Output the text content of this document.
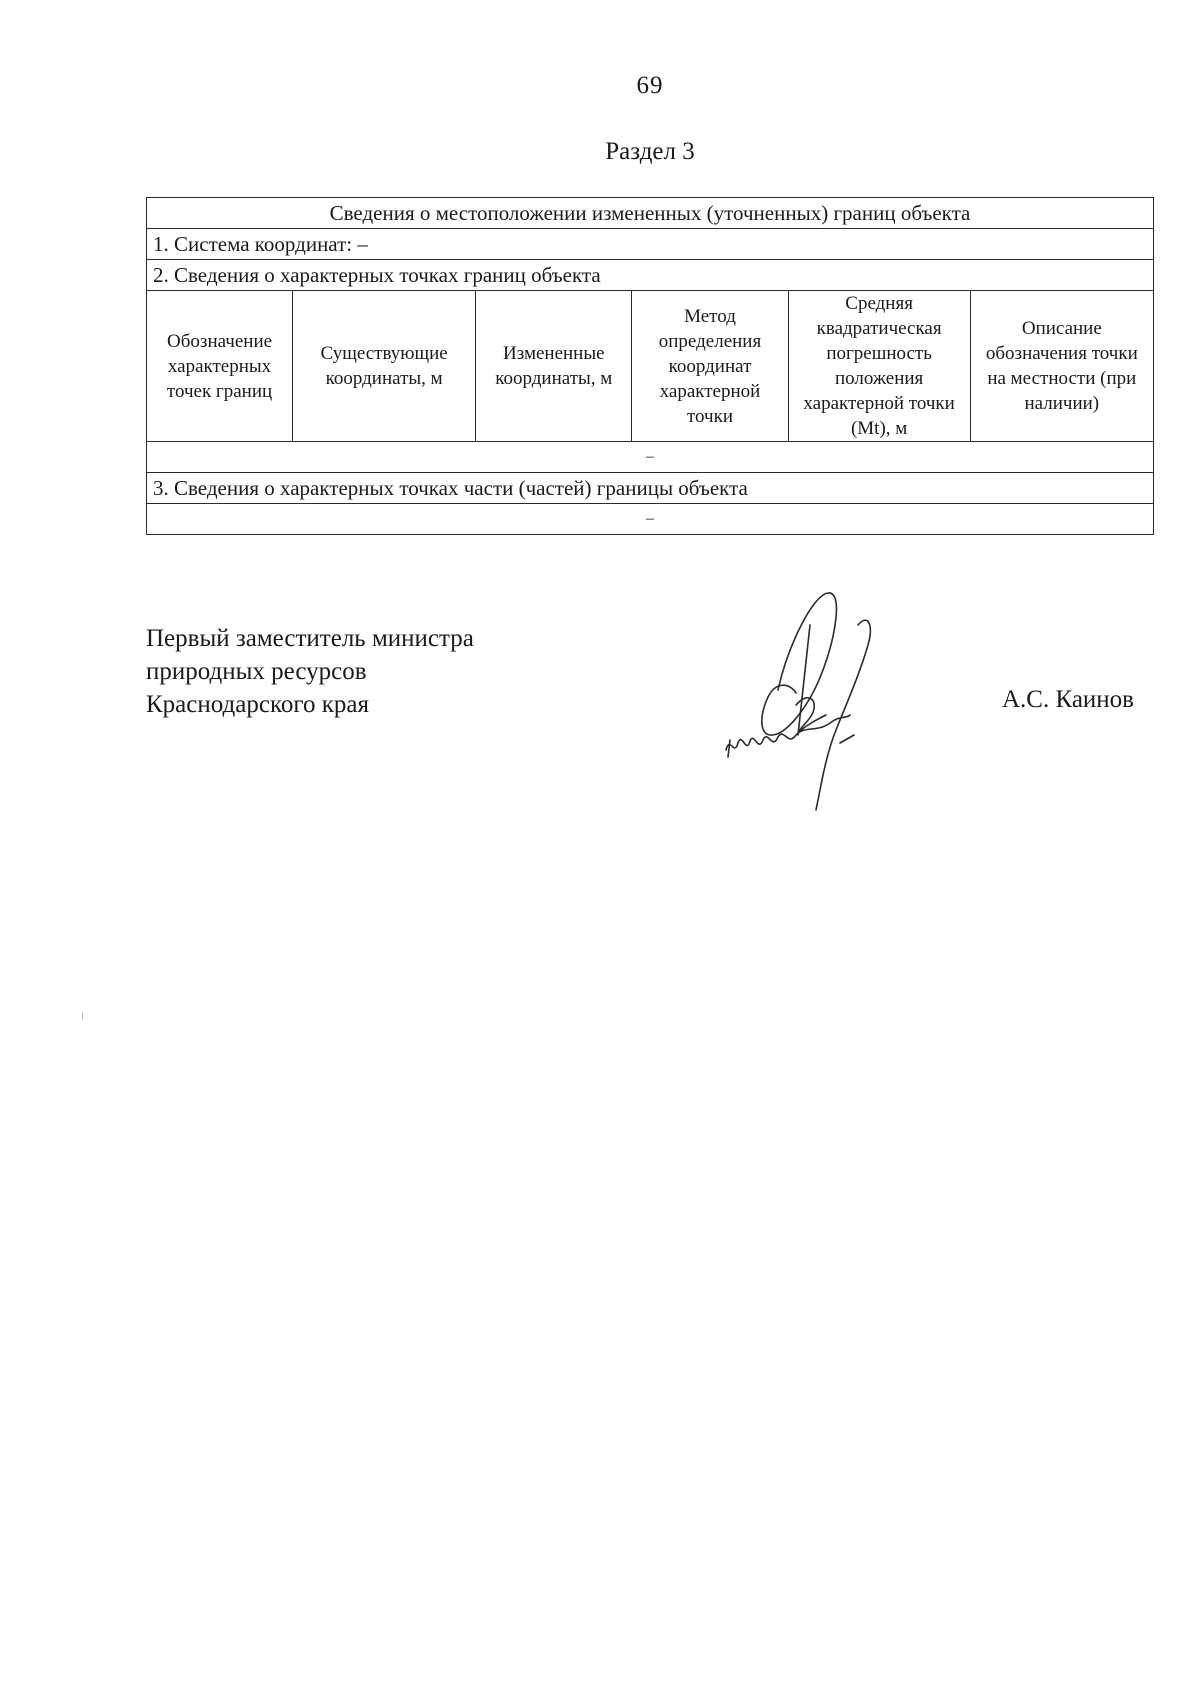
69
Раздел 3
Сведения о местоположении измененных (уточненных) границ объекта
1. Система координат: –
2. Сведения о характерных точках границ объекта
Обозначение характерных точек границ	Существующие координаты, м	Измененные координаты, м	Метод определения координат характерной точки	Средняя квадратическая погрешность положения характерной точки (Mt), м	Описание обозначения точки на местности (при наличии)
–
3. Сведения о характерных точках части (частей) границы объекта
–
Первый заместитель министра
природных ресурсов
Краснодарского края	А.С. Каинов
